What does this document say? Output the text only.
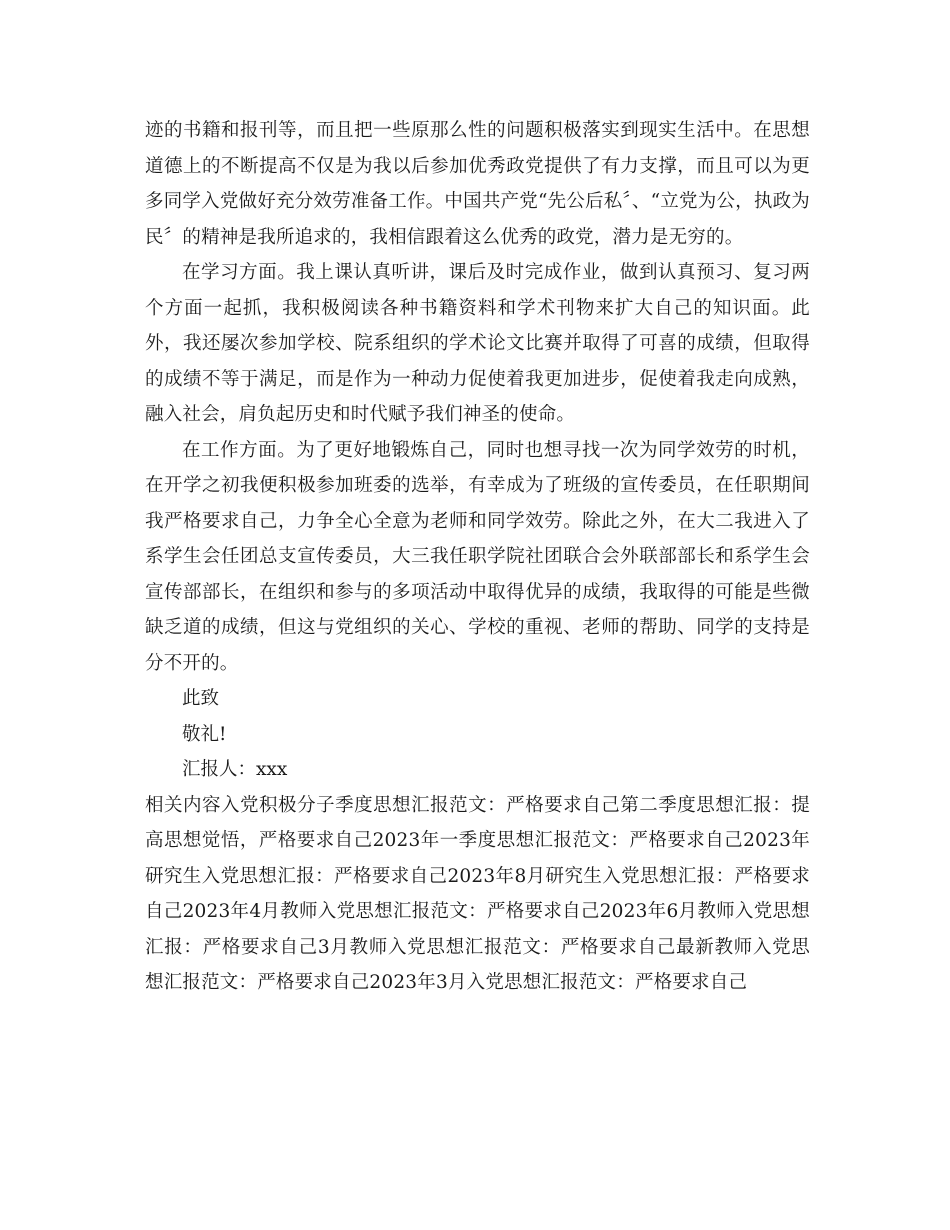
迹的书籍和报刊等，而且把一些原那么性的问题积极落实到现实生活中。在思想道德上的不断提高不仅是为我以后参加优秀政党提供了有力支撑，而且可以为更多同学入党做好充分效劳准备工作。中国共产党“先公后私〞、“立党为公，执政为民〞的精神是我所追求的，我相信跟着这么优秀的政党，潜力是无穷的。

在学习方面。我上课认真听讲，课后及时完成作业，做到认真预习、复习两个方面一起抓，我积极阅读各种书籍资料和学术刊物来扩大自己的知识面。此外，我还屡次参加学校、院系组织的学术论文比赛并取得了可喜的成绩，但取得的成绩不等于满足，而是作为一种动力促使着我更加进步，促使着我走向成熟，融入社会，肩负起历史和时代赋予我们神圣的使命。

在工作方面。为了更好地锻炼自己，同时也想寻找一次为同学效劳的时机，在开学之初我便积极参加班委的选举，有幸成为了班级的宣传委员，在任职期间我严格要求自己，力争全心全意为老师和同学效劳。除此之外，在大二我进入了系学生会任团总支宣传委员，大三我任职学院社团联合会外联部部长和系学生会宣传部部长，在组织和参与的多项活动中取得优异的成绩，我取得的可能是些微缺乏道的成绩，但这与党组织的关心、学校的重视、老师的帮助、同学的支持是分不开的。

此致

敬礼!

汇报人：xxx

相关内容入党积极分子季度思想汇报范文：严格要求自己第二季度思想汇报：提高思想觉悟，严格要求自己2023年一季度思想汇报范文：严格要求自己2023年研究生入党思想汇报：严格要求自己2023年8月研究生入党思想汇报：严格要求自己2023年4月教师入党思想汇报范文：严格要求自己2023年6月教师入党思想汇报：严格要求自己3月教师入党思想汇报范文：严格要求自己最新教师入党思想汇报范文：严格要求自己2023年3月入党思想汇报范文：严格要求自己
